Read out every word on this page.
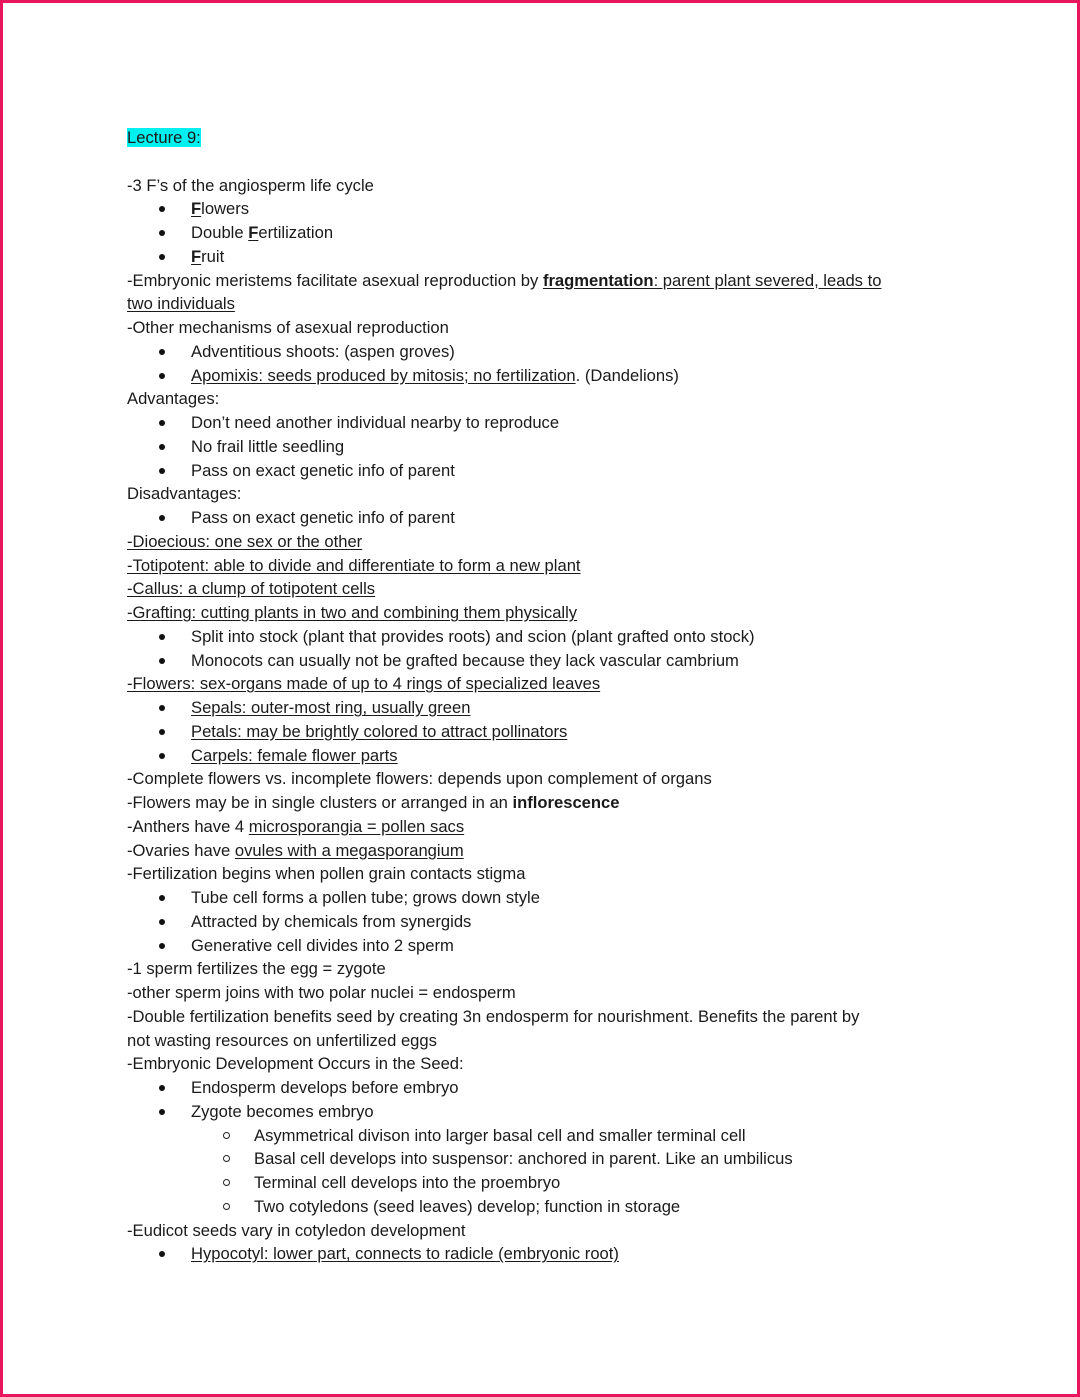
Lecture 9:
-3 F’s of the angiosperm life cycle
Flowers
Double Fertilization
Fruit
-Embryonic meristems facilitate asexual reproduction by fragmentation: parent plant severed, leads to
two individuals
-Other mechanisms of asexual reproduction
Adventitious shoots: (aspen groves)
Apomixis: seeds produced by mitosis; no fertilization. (Dandelions)
Advantages:
Don’t need another individual nearby to reproduce
No frail little seedling
Pass on exact genetic info of parent
Disadvantages:
Pass on exact genetic info of parent
-Dioecious: one sex or the other
-Totipotent: able to divide and differentiate to form a new plant
-Callus: a clump of totipotent cells
-Grafting: cutting plants in two and combining them physically
Split into stock (plant that provides roots) and scion (plant grafted onto stock)
Monocots can usually not be grafted because they lack vascular cambrium
-Flowers: sex-organs made of up to 4 rings of specialized leaves
Sepals: outer-most ring, usually green
Petals: may be brightly colored to attract pollinators
Carpels: female flower parts
-Complete flowers vs. incomplete flowers: depends upon complement of organs
-Flowers may be in single clusters or arranged in an inflorescence
-Anthers have 4 microsporangia = pollen sacs
-Ovaries have ovules with a megasporangium
-Fertilization begins when pollen grain contacts stigma
Tube cell forms a pollen tube; grows down style
Attracted by chemicals from synergids
Generative cell divides into 2 sperm
-1 sperm fertilizes the egg = zygote
-other sperm joins with two polar nuclei = endosperm
-Double fertilization benefits seed by creating 3n endosperm for nourishment. Benefits the parent by
not wasting resources on unfertilized eggs
-Embryonic Development Occurs in the Seed:
Endosperm develops before embryo
Zygote becomes embryo
Asymmetrical divison into larger basal cell and smaller terminal cell
Basal cell develops into suspensor: anchored in parent. Like an umbilicus
Terminal cell develops into the proembryo
Two cotyledons (seed leaves) develop; function in storage
-Eudicot seeds vary in cotyledon development
Hypocotyl: lower part, connects to radicle (embryonic root)
